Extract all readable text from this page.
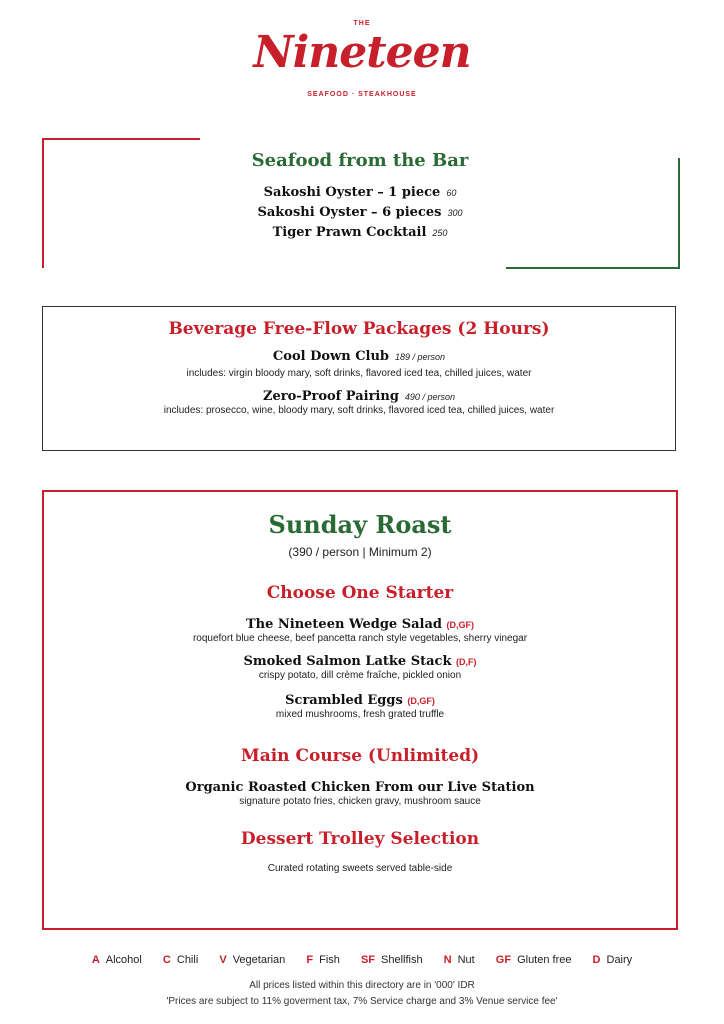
THE
Nineteen
SEAFOOD · STEAKHOUSE
Seafood from the Bar
Sakoshi Oyster – 1 piece 60
Sakoshi Oyster – 6 pieces 300
Tiger Prawn Cocktail 250
Beverage Free-Flow Packages (2 Hours)
Cool Down Club 189 / person
includes: virgin bloody mary, soft drinks, flavored iced tea, chilled juices, water
Zero-Proof Pairing 490 / person
includes: prosecco, wine, bloody mary, soft drinks, flavored iced tea, chilled juices, water
Sunday Roast
(390 / person | Minimum 2)
Choose One Starter
The Nineteen Wedge Salad (D,GF)
roquefort blue cheese, beef pancetta ranch style vegetables, sherry vinegar
Smoked Salmon Latke Stack (D,F)
crispy potato, dill crème fraîche, pickled onion
Scrambled Eggs (D,GF)
mixed mushrooms, fresh grated truffle
Main Course (Unlimited)
Organic Roasted Chicken From our Live Station
signature potato fries, chicken gravy, mushroom sauce
Dessert Trolley Selection
Curated rotating sweets served table-side
A Alcohol C Chili V Vegetarian F Fish SF Shellfish N Nut GF Gluten free D Dairy
All prices listed within this directory are in '000' IDR
'Prices are subject to 11% goverment tax, 7% Service charge and 3% Venue service fee'
